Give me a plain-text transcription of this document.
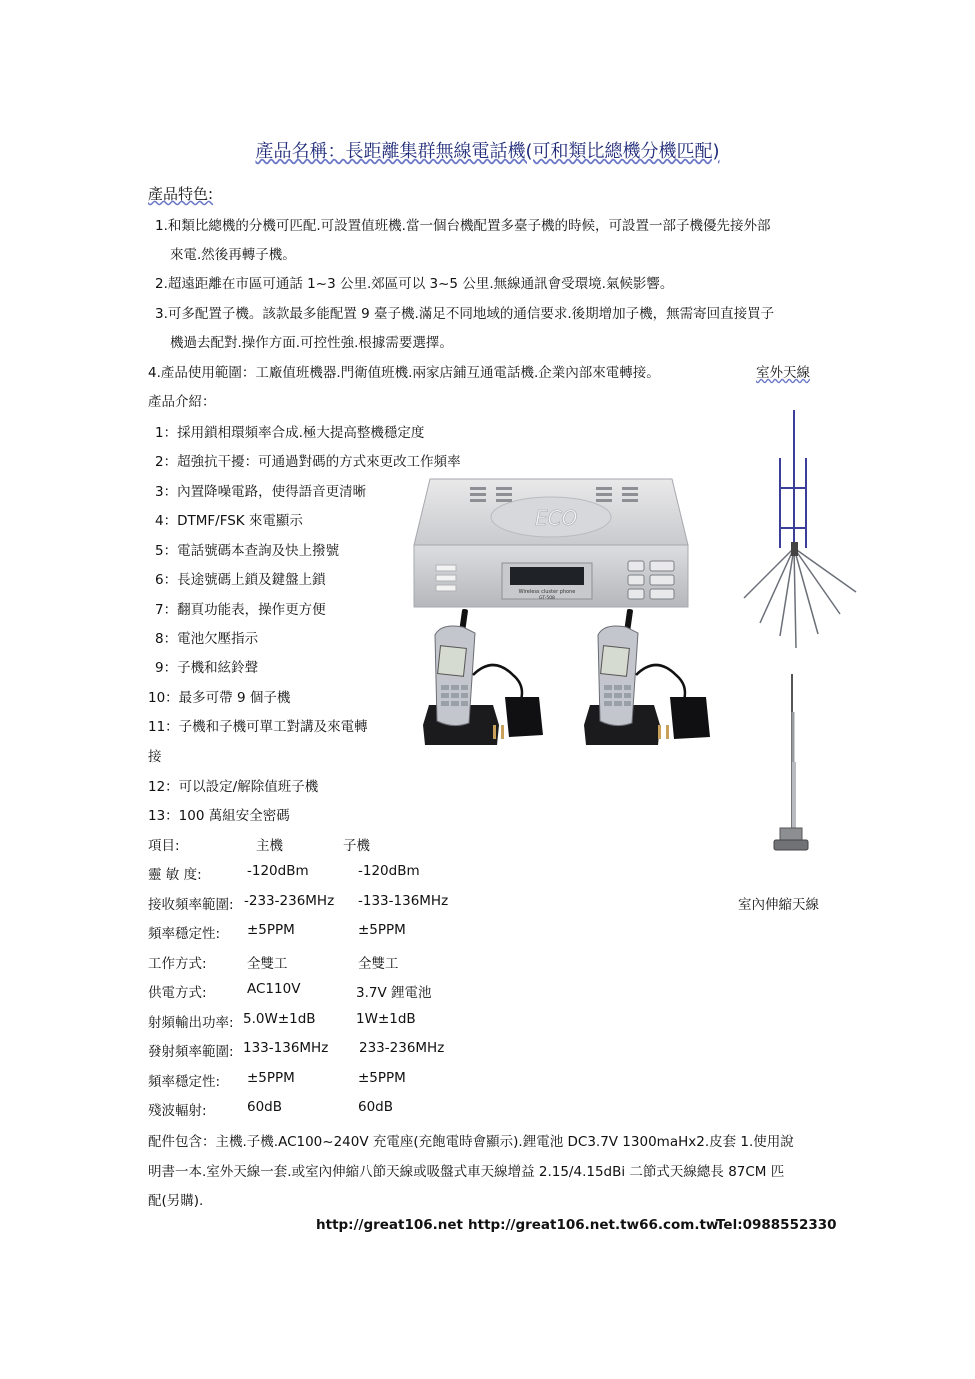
產品名稱：長距離集群無線電話機(可和類比總機分機匹配)
產品特色:
1.和類比總機的分機可匹配.可設置值班機.當一個台機配置多臺子機的時候，可設置一部子機優先接外部
來電.然後再轉子機。
2.超遠距離在市區可通話 1~3 公里.郊區可以 3~5 公里.無線通訊會受環境.氣候影響。
3.可多配置子機。該款最多能配置 9 臺子機.滿足不同地域的通信要求.後期增加子機，無需寄回直接買子
機過去配對.操作方面.可控性強.根據需要選擇。
4.產品使用範圍：工廠值班機器.門衛值班機.兩家店鋪互通電話機.企業內部來電轉接。	室外天線
產品介紹：
1：採用鎖相環頻率合成.極大提高整機穩定度
2：超強抗干擾：可通過對碼的方式來更改工作頻率
3：內置降噪電路，使得語音更清晰
4：DTMF/FSK 來電顯示
5：電話號碼本查詢及快上撥號
6：長途號碼上鎖及鍵盤上鎖
7：翻頁功能表，操作更方便
8：電池欠壓指示
9：子機和絃鈴聲
10：最多可帶 9 個子機
11：子機和子機可單工對講及來電轉
接
12：可以設定/解除值班子機
13：100 萬組安全密碼
項目:	主機	子機
靈 敏 度:	-120dBm	-120dBm
接收頻率範圍: -233-236MHz -133-136MHz
頻率穩定性: ±5PPM	±5PPM
工作方式:	全雙工	全雙工
供電方式:	AC110V	3.7V 鋰電池
射頻輸出功率: 5.0W±1dB	1W±1dB
發射頻率範圍: 133-136MHz 233-236MHz
頻率穩定性: ±5PPM	±5PPM
殘波輻射:	60dB	60dB
室內伸縮天線
配件包含：主機.子機.AC100~240V 充電座(充飽電時會顯示).鋰電池 DC3.7V 1300maHx2.皮套 1.使用說
明書一本.室外天線一套.或室內伸縮八節天線或吸盤式車天線增益 2.15/4.15dBi 二節式天線總長 87CM 匹
配(另購).
http://great106.net http://great106.net.tw66.com.tw
Tel:0988552330
ECO
Wireless cluster phone
GT-508
